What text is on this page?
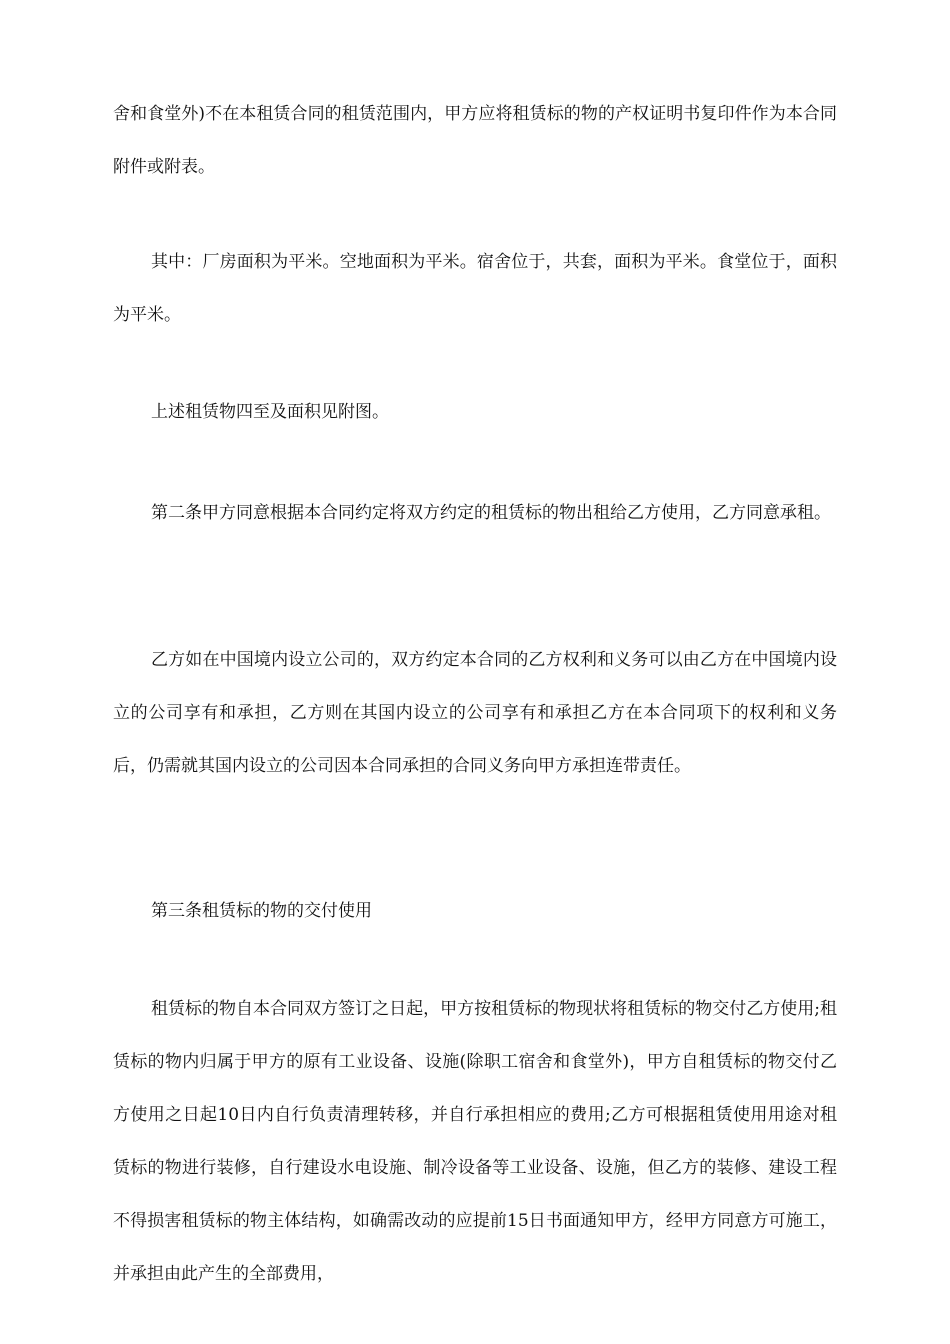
舍和食堂外)不在本租赁合同的租赁范围内，甲方应将租赁标的物的产权证明书复印件作为本合同附件或附表。

其中：厂房面积为平米。空地面积为平米。宿舍位于，共套，面积为平米。食堂位于，面积为平米。

上述租赁物四至及面积见附图。

第二条甲方同意根据本合同约定将双方约定的租赁标的物出租给乙方使用，乙方同意承租。

乙方如在中国境内设立公司的，双方约定本合同的乙方权利和义务可以由乙方在中国境内设立的公司享有和承担，乙方则在其国内设立的公司享有和承担乙方在本合同项下的权利和义务后，仍需就其国内设立的公司因本合同承担的合同义务向甲方承担连带责任。

第三条租赁标的物的交付使用

租赁标的物自本合同双方签订之日起，甲方按租赁标的物现状将租赁标的物交付乙方使用;租赁标的物内归属于甲方的原有工业设备、设施(除职工宿舍和食堂外)，甲方自租赁标的物交付乙方使用之日起10日内自行负责清理转移，并自行承担相应的费用;乙方可根据租赁使用用途对租赁标的物进行装修，自行建设水电设施、制冷设备等工业设备、设施，但乙方的装修、建设工程不得损害租赁标的物主体结构，如确需改动的应提前15日书面通知甲方，经甲方同意方可施工，并承担由此产生的全部费用，
